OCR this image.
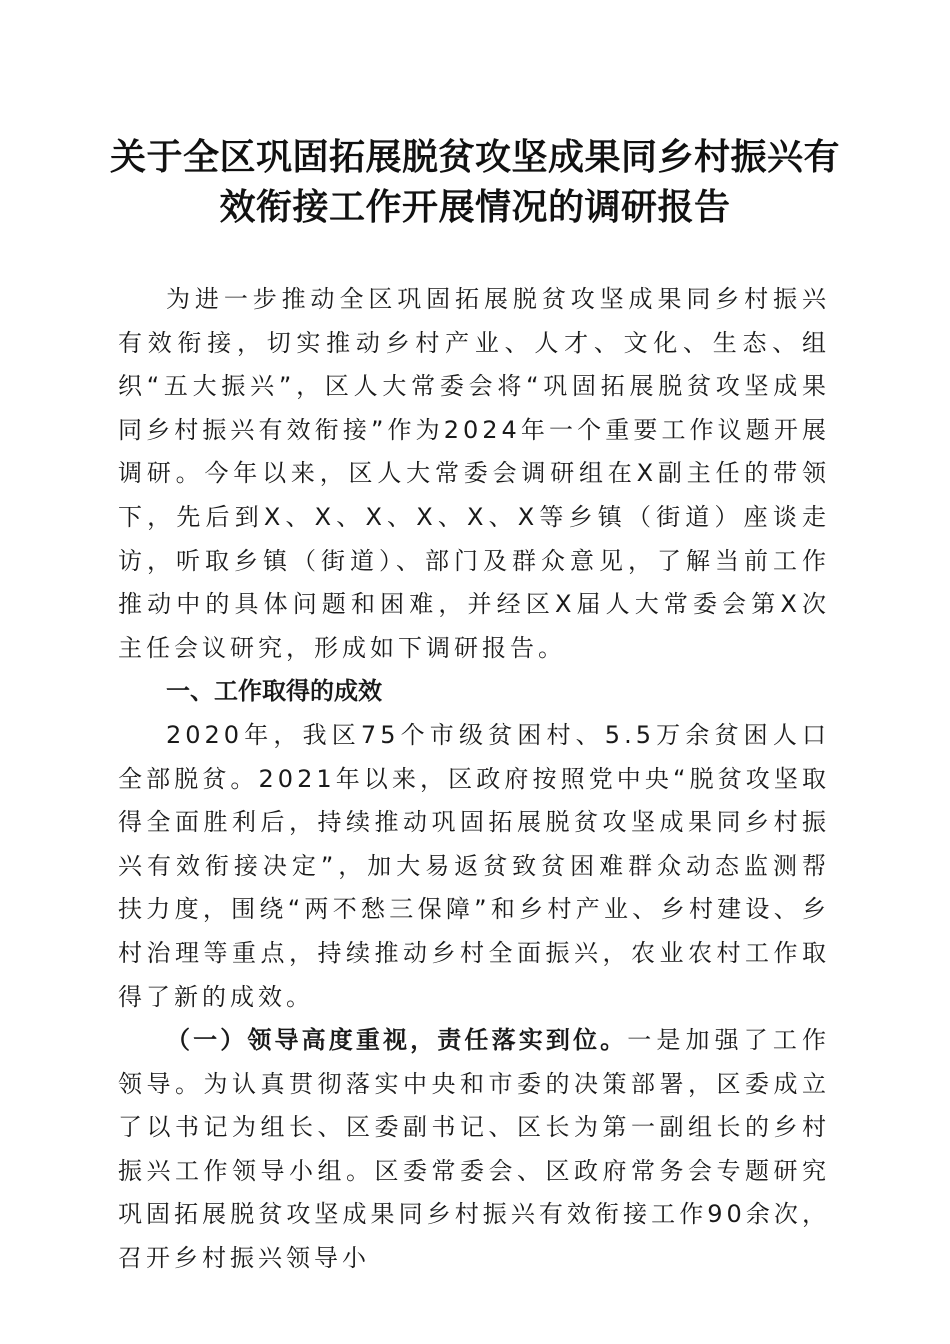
关于全区巩固拓展脱贫攻坚成果同乡村振兴有
效衔接工作开展情况的调研报告

为进一步推动全区巩固拓展脱贫攻坚成果同乡村振兴有效衔接，切实推动乡村产业、人才、文化、生态、组织“五大振兴”，区人大常委会将“巩固拓展脱贫攻坚成果同乡村振兴有效衔接”作为2024年一个重要工作议题开展调研。今年以来，区人大常委会调研组在X副主任的带领下，先后到X、X、X、X、X、X等乡镇（街道）座谈走访，听取乡镇（街道）、部门及群众意见，了解当前工作推动中的具体问题和困难，并经区X届人大常委会第X次主任会议研究，形成如下调研报告。

一、工作取得的成效

2020年，我区75个市级贫困村、5.5万余贫困人口全部脱贫。2021年以来，区政府按照党中央“脱贫攻坚取得全面胜利后，持续推动巩固拓展脱贫攻坚成果同乡村振兴有效衔接决定”，加大易返贫致贫困难群众动态监测帮扶力度，围绕“两不愁三保障”和乡村产业、乡村建设、乡村治理等重点，持续推动乡村全面振兴，农业农村工作取得了新的成效。

（一）领导高度重视，责任落实到位。一是加强了工作领导。为认真贯彻落实中央和市委的决策部署，区委成立了以书记为组长、区委副书记、区长为第一副组长的乡村振兴工作领导小组。区委常委会、区政府常务会专题研究巩固拓展脱贫攻坚成果同乡村振兴有效衔接工作90余次，召开乡村振兴领导小
